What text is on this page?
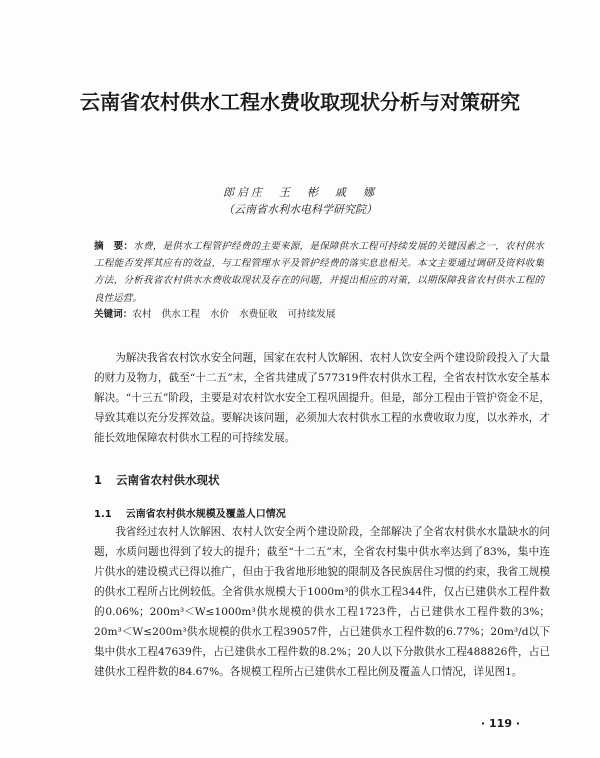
云南省农村供水工程水费收取现状分析与对策研究
郎启庄　王　彬　戚　娜
（云南省水利水电科学研究院）

摘　要：水费，是供水工程管护经费的主要来源，是保障供水工程可持续发展的关键因素之一，农村供水工程能否发挥其应有的效益，与工程管理水平及管护经费的落实息息相关。本文主要通过调研及资料收集方法，分析我省农村供水水费收取现状及存在的问题，并提出相应的对策，以期保障我省农村供水工程的良性运营。

关键词：农村 供水工程 水价 水费征收 可持续发展

为解决我省农村饮水安全问题，国家在农村人饮解困、农村人饮安全两个建设阶段投入了大量的财力及物力，截至“十二五”末，全省共建成了577319件农村供水工程，全省农村饮水安全基本解决。“十三五”阶段，主要是对农村饮水安全工程巩固提升。但是，部分工程由于管护资金不足，导致其难以充分发挥效益。要解决该问题，必须加大农村供水工程的水费收取力度，以水养水，才能长效地保障农村供水工程的可持续发展。

1 云南省农村供水现状
1.1 云南省农村供水规模及覆盖人口情况

我省经过农村人饮解困、农村人饮安全两个建设阶段，全部解决了全省农村供水水量缺水的问题，水质问题也得到了较大的提升；截至“十二五”末，全省农村集中供水率达到了83%，集中连片供水的建设模式已得以推广，但由于我省地形地貌的限制及各民族居住习惯的约束，我省工规模的供水工程所占比例较低。全省供水规模大于1000m³的供水工程344件，仅占已建供水工程件数的0.06%；200m³＜W≤1000m³供水规模的供水工程1723件，占已建供水工程件数的3%；20m³＜W≤200m³供水规模的供水工程39057件，占已建供水工程件数的6.77%；20m³/d以下集中供水工程47639件，占已建供水工程件数的8.2%；20人以下分散供水工程488826件，占已建供水工程件数的84.67%。各规模工程所占已建供水工程比例及覆盖人口情况，详见图1。

· 119 ·
